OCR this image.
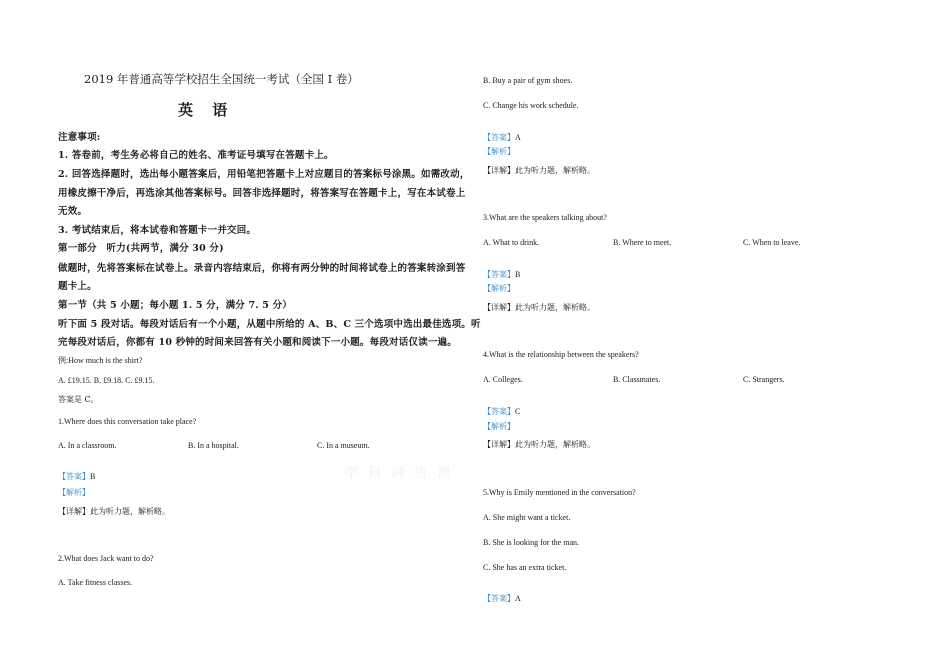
2019 年普通高等学校招生全国统一考试（全国 I 卷）
英 语
注意事项:
1. 答卷前，考生务必将自己的姓名、准考证号填写在答题卡上。
2. 回答选择题时，选出每小题答案后，用铅笔把答题卡上对应题目的答案标号涂黑。如需改动，
用橡皮擦干净后，再选涂其他答案标号。回答非选择题时，将答案写在答题卡上，写在本试卷上
无效。
3. 考试结束后，将本试卷和答题卡一并交回。
第一部分　听力(共两节，满分 30 分)
做题时，先将答案标在试卷上。录音内容结束后，你将有两分钟的时间将试卷上的答案转涂到答
题卡上。
第一节（共 5 小题；每小题 1. 5 分，满分 7. 5 分）
听下面 5 段对话。每段对话后有一个小题，从题中所给的 A、B、C 三个选项中选出最佳选项。听
完每段对话后，你都有 10 秒钟的时间来回答有关小题和阅读下一小题。每段对话仅读一遍。
例:How much is the shirt?
A. £19.15. B. £9.18. C. £9.15.
答案是 C。
1.Where does this conversation take place?
A. In a classroom.	B. In a hospital.	C. In a museum.
【答案】B
【解析】
【详解】此为听力题，解析略。
2.What does Jack want to do?
A. Take fitness classes.
B. Buy a pair of gym shoes.
C. Change his work schedule.
【答案】A
【解析】
【详解】此为听力题，解析略。
3.What are the speakers talking about?
A. What to drink.	B. Where to meet.	C. When to leave.
【答案】B
【解析】
【详解】此为听力题，解析略。
4.What is the relationship between the speakers?
A. Colleges.	B. Classmates.	C. Strangers.
【答案】C
【解析】
【详解】此为听力题，解析略。
5.Why is Emily mentioned in the conversation?
A. She might want a ticket.
B. She is looking for the man.
C. She has an extra ticket.
【答案】A
学 科 网 资 源
